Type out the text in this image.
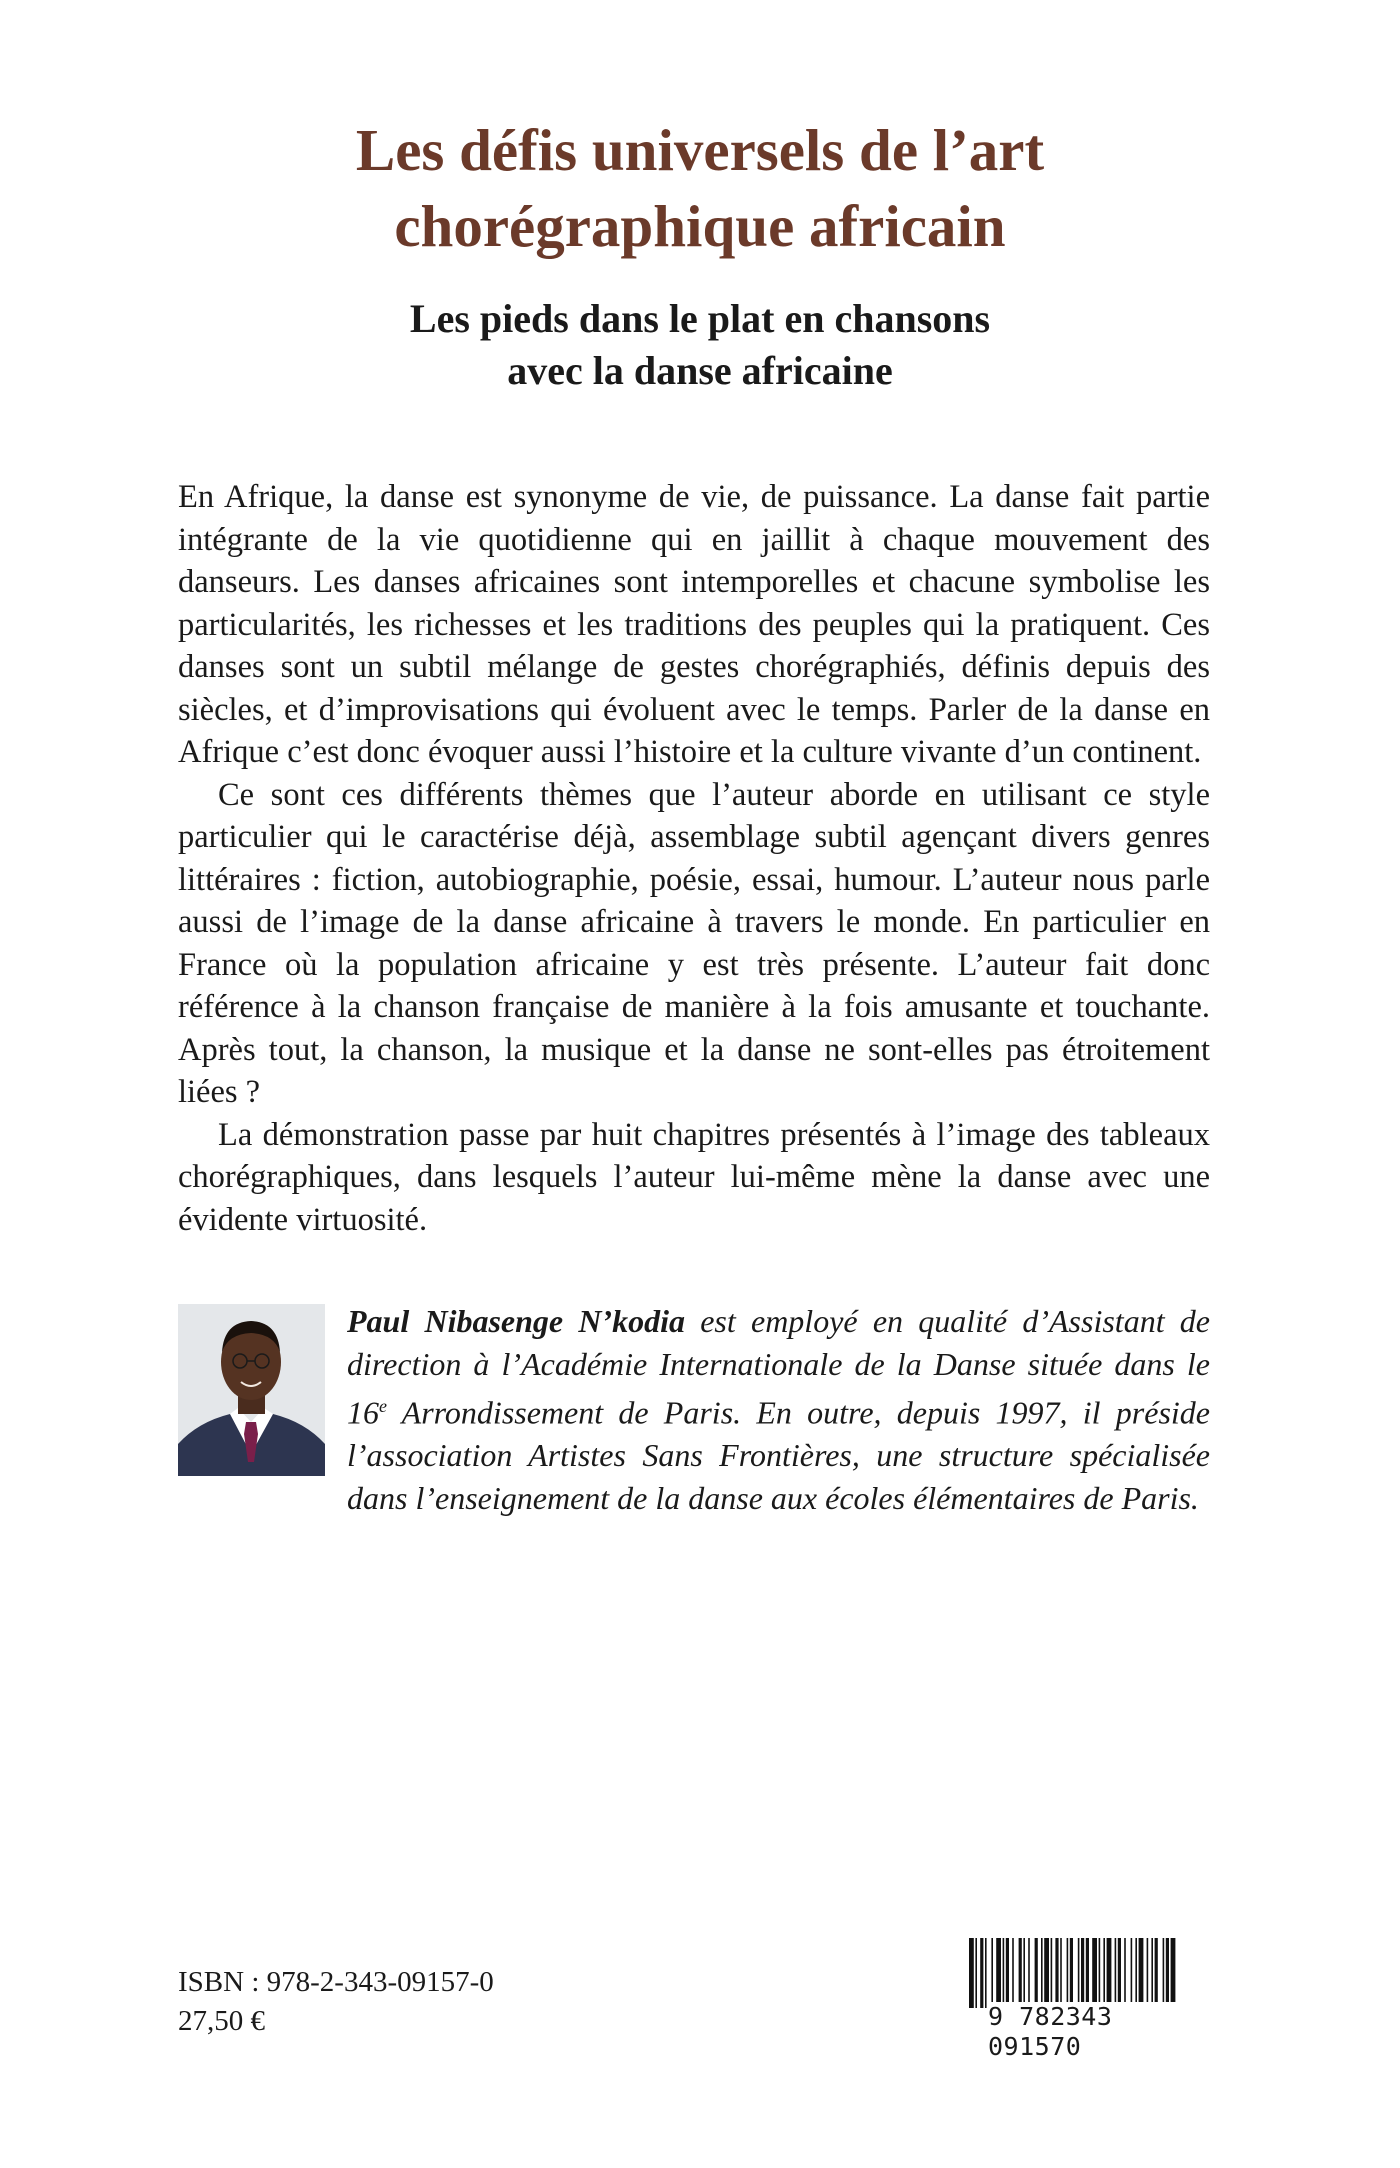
Les défis universels de l’art
chorégraphique africain
Les pieds dans le plat en chansons
avec la danse africaine

En Afrique, la danse est synonyme de vie, de puissance. La danse fait partie intégrante de la vie quotidienne qui en jaillit à chaque mouvement des danseurs. Les danses africaines sont intemporelles et chacune symbolise les particularités, les richesses et les traditions des peuples qui la pratiquent. Ces danses sont un subtil mélange de gestes chorégraphiés, définis depuis des siècles, et d’improvisations qui évoluent avec le temps. Parler de la danse en Afrique c’est donc évoquer aussi l’histoire et la culture vivante d’un continent.

Ce sont ces différents thèmes que l’auteur aborde en utilisant ce style particulier qui le caractérise déjà, assemblage subtil agençant divers genres littéraires : fiction, autobiographie, poésie, essai, humour. L’auteur nous parle aussi de l’image de la danse africaine à travers le monde. En particulier en France où la population africaine y est très présente. L’auteur fait donc référence à la chanson française de manière à la fois amusante et touchante. Après tout, la chanson, la musique et la danse ne sont-elles pas étroitement liées ?

La démonstration passe par huit chapitres présentés à l’image des tableaux chorégraphiques, dans lesquels l’auteur lui-même mène la danse avec une évidente virtuosité.

Paul Nibasenge N’kodia est employé en qualité d’Assistant de direction à l’Académie Internationale de la Danse située dans le 16e Arrondissement de Paris. En outre, depuis 1997, il préside l’association Artistes Sans Frontières, une structure spécialisée dans l’enseignement de la danse aux écoles élémentaires de Paris.

ISBN : 978-2-343-09157-0
27,50 €	9 782343 091570
